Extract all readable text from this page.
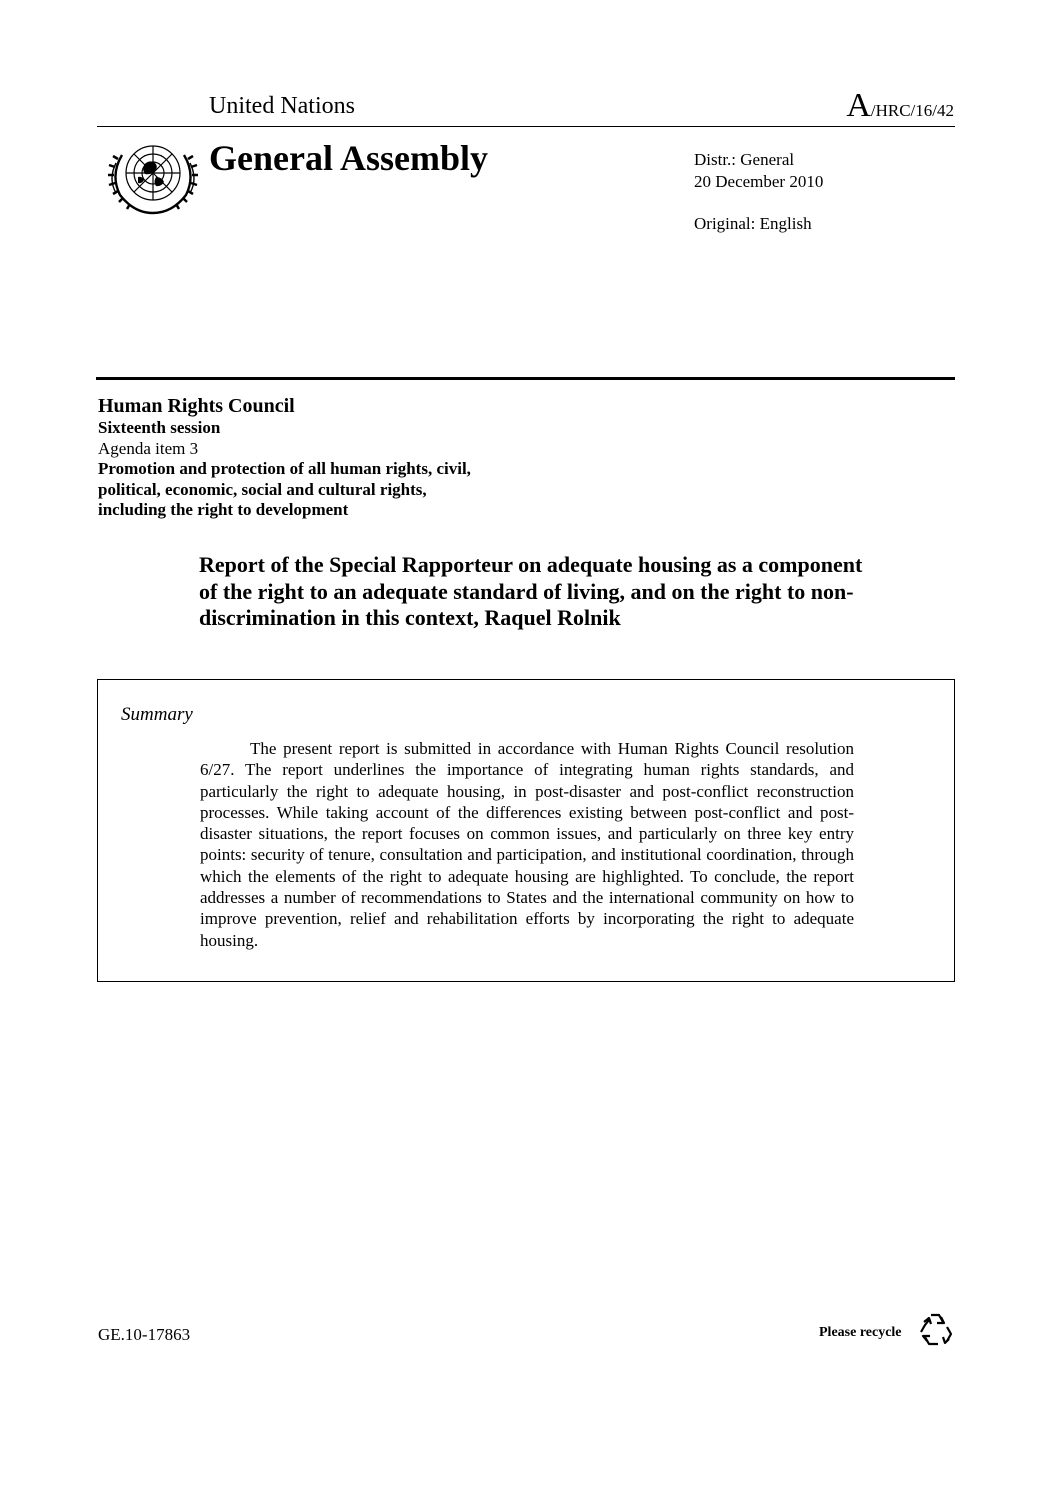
United Nations	A/HRC/16/42
General Assembly	Distr.: General
20 December 2010
Original: English
Human Rights Council
Sixteenth session
Agenda item 3
Promotion and protection of all human rights, civil,
political, economic, social and cultural rights,
including the right to development
Report of the Special Rapporteur on adequate housing as a component of the right to an adequate standard of living, and on the right to non-discrimination in this context, Raquel Rolnik
Summary
The present report is submitted in accordance with Human Rights Council resolution 6/27. The report underlines the importance of integrating human rights standards, and particularly the right to adequate housing, in post-disaster and post-conflict reconstruction processes. While taking account of the differences existing between post-conflict and post-disaster situations, the report focuses on common issues, and particularly on three key entry points: security of tenure, consultation and participation, and institutional coordination, through which the elements of the right to adequate housing are highlighted. To conclude, the report addresses a number of recommendations to States and the international community on how to improve prevention, relief and rehabilitation efforts by incorporating the right to adequate housing.
GE.10-17863	Please recycle
